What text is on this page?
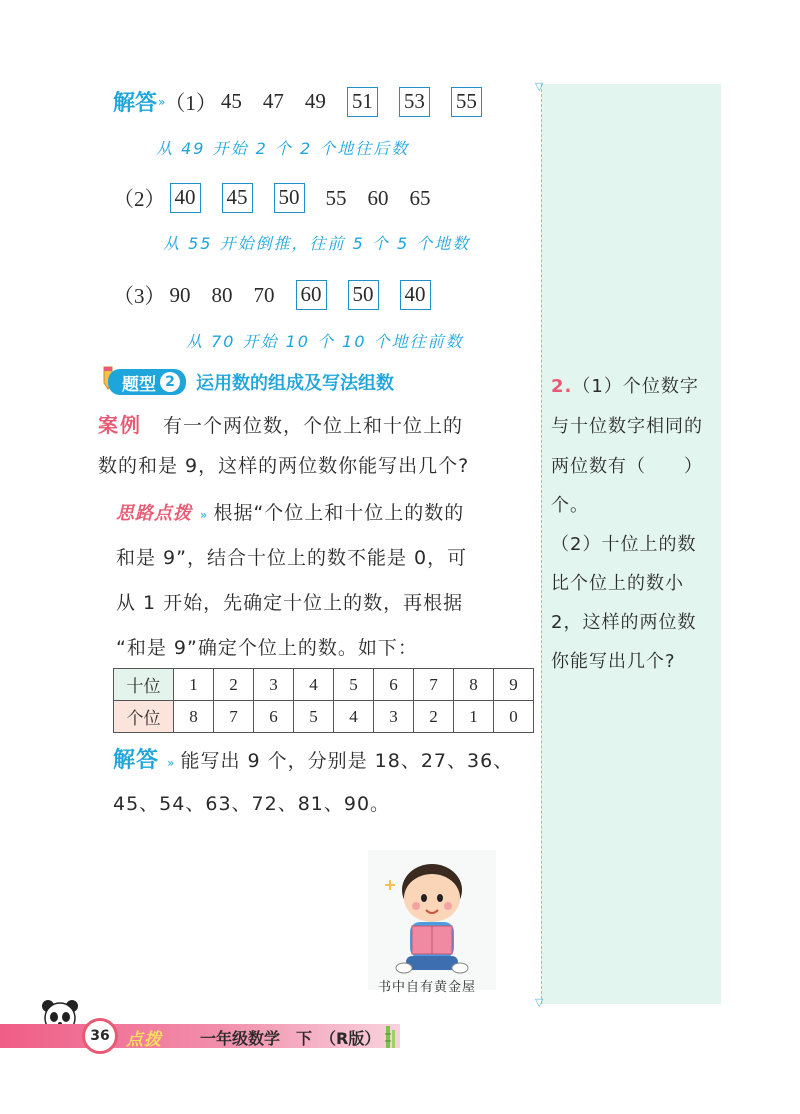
解答 » （1） 45 47 49 51 53 55
从 49 开始 2 个 2 个地往后数
（2） 40 45 50 55 60 65
从 55 开始倒推，往前 5 个 5 个地数
（3） 90 80 70 60 50 40
从 70 开始 10 个 10 个地往前数
题型 2 运用数的组成及写法组数
案例 有一个两位数，个位上和十位上的
数的和是 9，这样的两位数你能写出几个?
思路点拨 » 根据“个位上和十位上的数的
和是 9”，结合十位上的数不能是 0，可
从 1 开始，先确定十位上的数，再根据
“和是 9”确定个位上的数。如下：
十位	1	2	3	4	5	6	7	8	9
个位	8	7	6	5	4	3	2	1	0
解答 » 能写出 9 个，分别是 18、27、36、
45、54、63、72、81、90。
▽
▽
2.（1）个位数字
与十位数字相同的
两位数有（　　）
个。
（2）十位上的数
比个位上的数小
2，这样的两位数
你能写出几个?
书中自有黄金屋
36 点拨 一年级数学　下　（R版）
